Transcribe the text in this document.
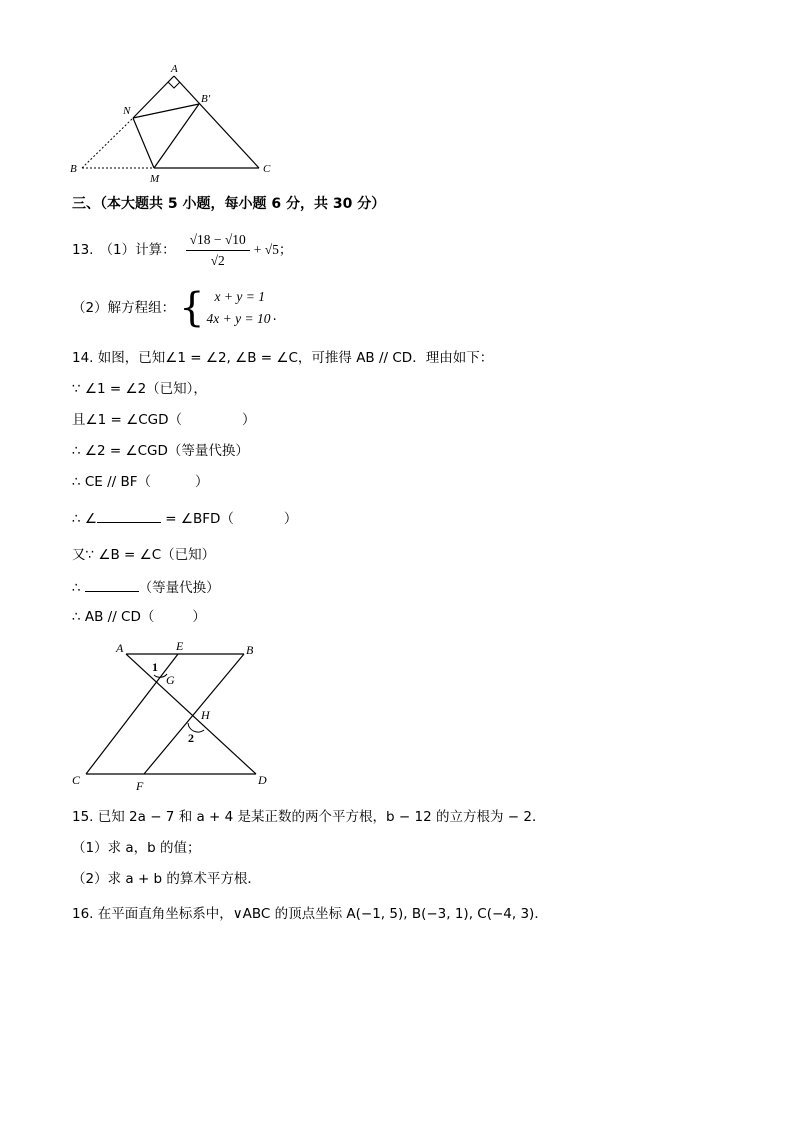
A
B′
N
B
M
C
三、（本大题共 5 小题，每小题 6 分，共 30 分）
13. （1）计算： $\frac{√18 - √10}{√2} + √5$；
（2）解方程组： { x + y = 1
4x + y = 10 .
14. 如图，已知∠1 = ∠2, ∠B = ∠C，可推得 AB // CD．理由如下：
∵ ∠1 = ∠2（已知），
且∠1 = ∠CGD（	）
∴ ∠2 = ∠CGD（等量代换）
∴ CE // BF（	）
∴ ∠	= ∠BFD（	）
又∵ ∠B = ∠C（已知）
∴	（等量代换）
∴ AB // CD（	）
A	E	B
1
G
H
2
C	F	D
15. 已知 2a − 7 和 a + 4 是某正数的两个平方根，b − 12 的立方根为 − 2．
（1）求 a，b 的值；
（2）求 a + b 的算术平方根．
16. 在平面直角坐标系中，∨ABC 的顶点坐标 A(−1, 5), B(−3, 1), C(−4, 3)．
